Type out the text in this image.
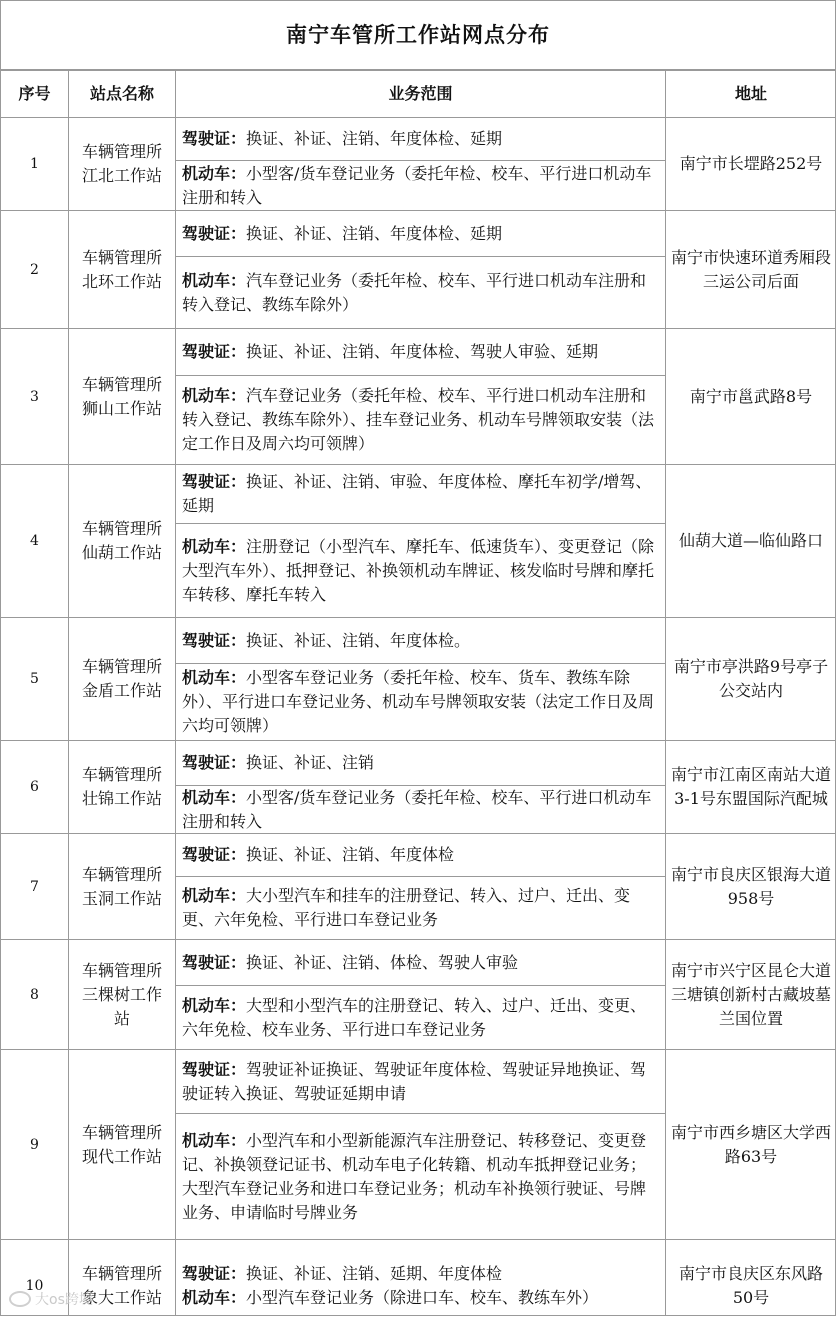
南宁车管所工作站网点分布
序号	站点名称	业务范围	地址
1	车辆管理所江北工作站	驾驶证：换证、补证、注销、年度体检、延期
机动车：小型客/货车登记业务（委托年检、校车、平行进口机动车注册和转入	南宁市长堽路252号
2	车辆管理所北环工作站	驾驶证：换证、补证、注销、年度体检、延期
机动车：汽车登记业务（委托年检、校车、平行进口机动车注册和转入登记、教练车除外）	南宁市快速环道秀厢段三运公司后面
3	车辆管理所狮山工作站	驾驶证：换证、补证、注销、年度体检、驾驶人审验、延期
机动车：汽车登记业务（委托年检、校车、平行进口机动车注册和转入登记、教练车除外）、挂车登记业务、机动车号牌领取安装（法定工作日及周六均可领牌）	南宁市邕武路8号
4	车辆管理所仙葫工作站	驾驶证：换证、补证、注销、审验、年度体检、摩托车初学/增驾、延期
机动车：注册登记（小型汽车、摩托车、低速货车）、变更登记（除大型汽车外）、抵押登记、补换领机动车牌证、核发临时号牌和摩托车转移、摩托车转入	仙葫大道—临仙路口
5	车辆管理所金盾工作站	驾驶证：换证、补证、注销、年度体检。
机动车：小型客车登记业务（委托年检、校车、货车、教练车除外）、平行进口车登记业务、机动车号牌领取安装（法定工作日及周六均可领牌）	南宁市亭洪路9号亭子公交站内
6	车辆管理所壮锦工作站	驾驶证：换证、补证、注销
机动车：小型客/货车登记业务（委托年检、校车、平行进口机动车注册和转入	南宁市江南区南站大道3-1号东盟国际汽配城
7	车辆管理所玉洞工作站	驾驶证：换证、补证、注销、年度体检
机动车：大小型汽车和挂车的注册登记、转入、过户、迁出、变更、六年免检、平行进口车登记业务	南宁市良庆区银海大道958号
8	车辆管理所三棵树工作站	驾驶证：换证、补证、注销、体检、驾驶人审验
机动车：大型和小型汽车的注册登记、转入、过户、迁出、变更、六年免检、校车业务、平行进口车登记业务	南宁市兴宁区昆仑大道三塘镇创新村古藏坡墓兰国位置
9	车辆管理所现代工作站	驾驶证：驾驶证补证换证、驾驶证年度体检、驾驶证异地换证、驾驶证转入换证、驾驶证延期申请
机动车：小型汽车和小型新能源汽车注册登记、转移登记、变更登记、补换领登记证书、机动车电子化转籍、机动车抵押登记业务；大型汽车登记业务和进口车登记业务；机动车补换领行驶证、号牌业务、申请临时号牌业务	南宁市西乡塘区大学西路63号
10	车辆管理所象大工作站	驾驶证：换证、补证、注销、延期、年度体检
机动车：小型汽车登记业务（除进口车、校车、教练车外）	南宁市良庆区东风路50号
大os跨境
